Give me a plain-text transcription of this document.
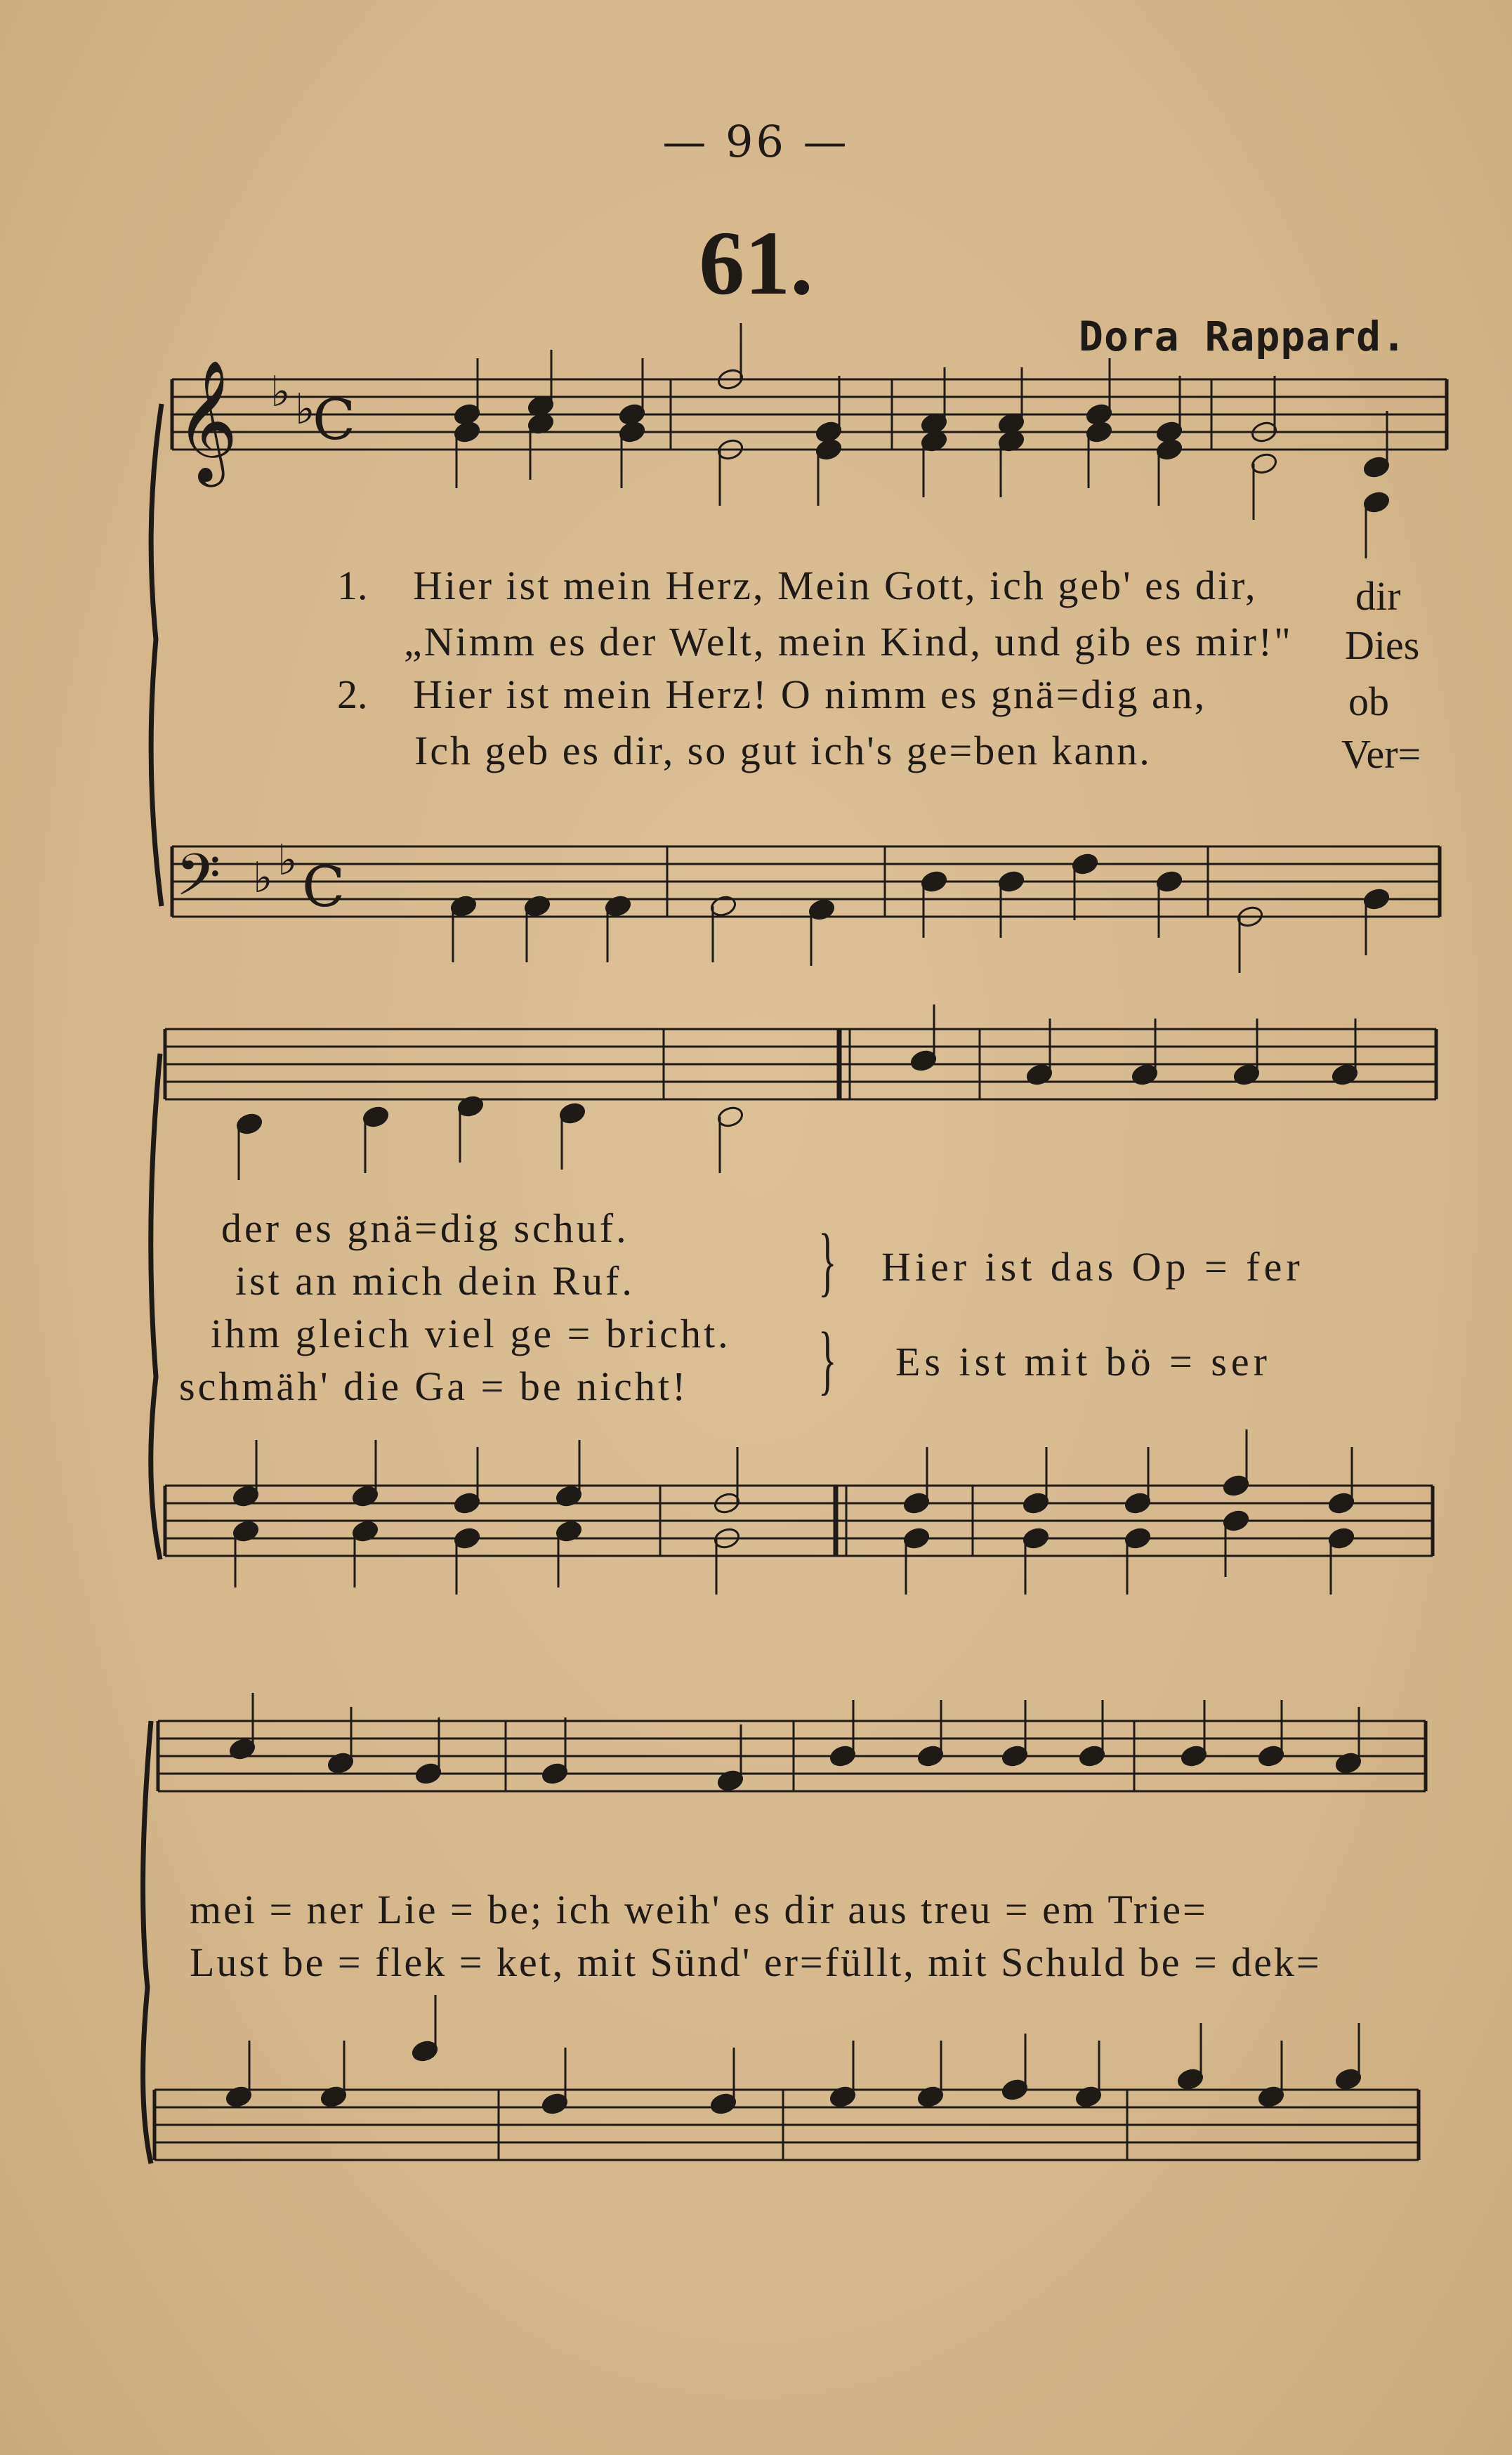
— 96 —
61.
Dora Rappard.
𝄞 ♭ ♭
C
𝄢 ♭ ♭ C
1. Hier ist mein Herz, Mein Gott, ich geb' es dir, dir
„Nimm es der Welt, mein Kind, und gib es mir!" Dies
2. Hier ist mein Herz! O nimm es gnä=dig an,	ob
Ich geb es dir, so gut ich's ge=ben kann.	Ver=
der es gnä=dig schuf.
ist an mich dein Ruf.
ihm gleich viel ge = bricht.
schmäh' die Ga = be nicht!
}
}
Hier ist das Op = fer
Es ist mit bö = ser
mei = ner Lie = be; ich weih' es dir aus treu = em Trie=
Lust be = flek = ket, mit Sünd' er=füllt, mit Schuld be = dek=
